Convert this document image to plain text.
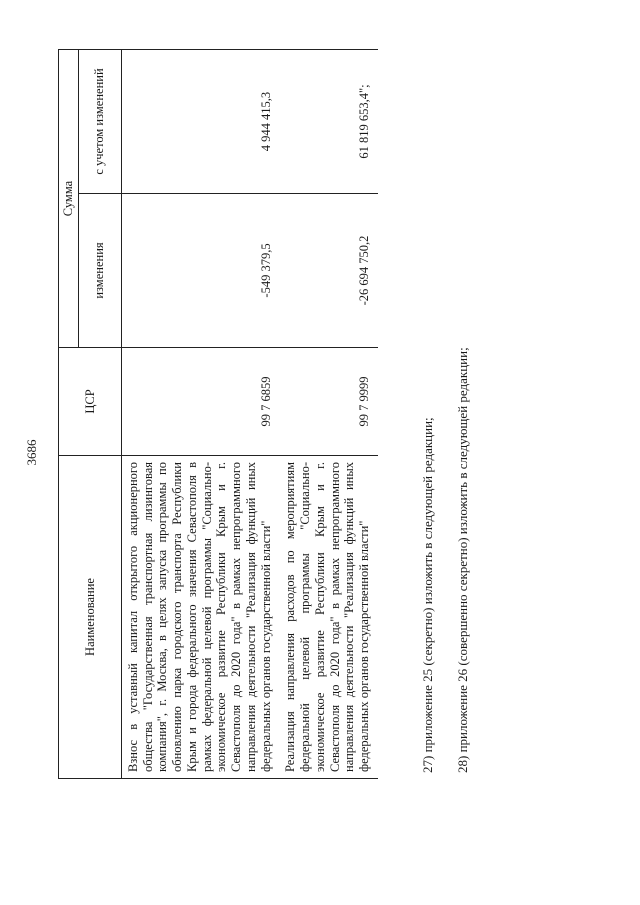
3686
Наименование	ЦСР	Сумма	
		изменения	с учетом изменений
Взнос в уставный капитал открытого акционерного общества "Государственная транспортная лизинговая компания", г. Москва, в целях запуска программы по обновлению парка городского транспорта Республики Крым и города федерального значения Севастополя в рамках федеральной целевой программы "Социально-экономическое развитие Республики Крым и г. Севастополя до 2020 года" в рамках непрограммного направления деятельности "Реализация функций иных федеральных органов государственной власти"	99 7 6859	-549 379,5	4 944 415,3
Реализация направления расходов по мероприятиям федеральной целевой программы "Социально-экономическое развитие Республики Крым и г. Севастополя до 2020 года" в рамках непрограммного направления деятельности "Реализация функций иных федеральных органов государственной власти"	99 7 9999	-26 694 750,2	61 819 653,4";
27) приложение 25 (секретно) изложить в следующей редакции; 28) приложение 26 (совершенно секретно) изложить в следующей редакции;
